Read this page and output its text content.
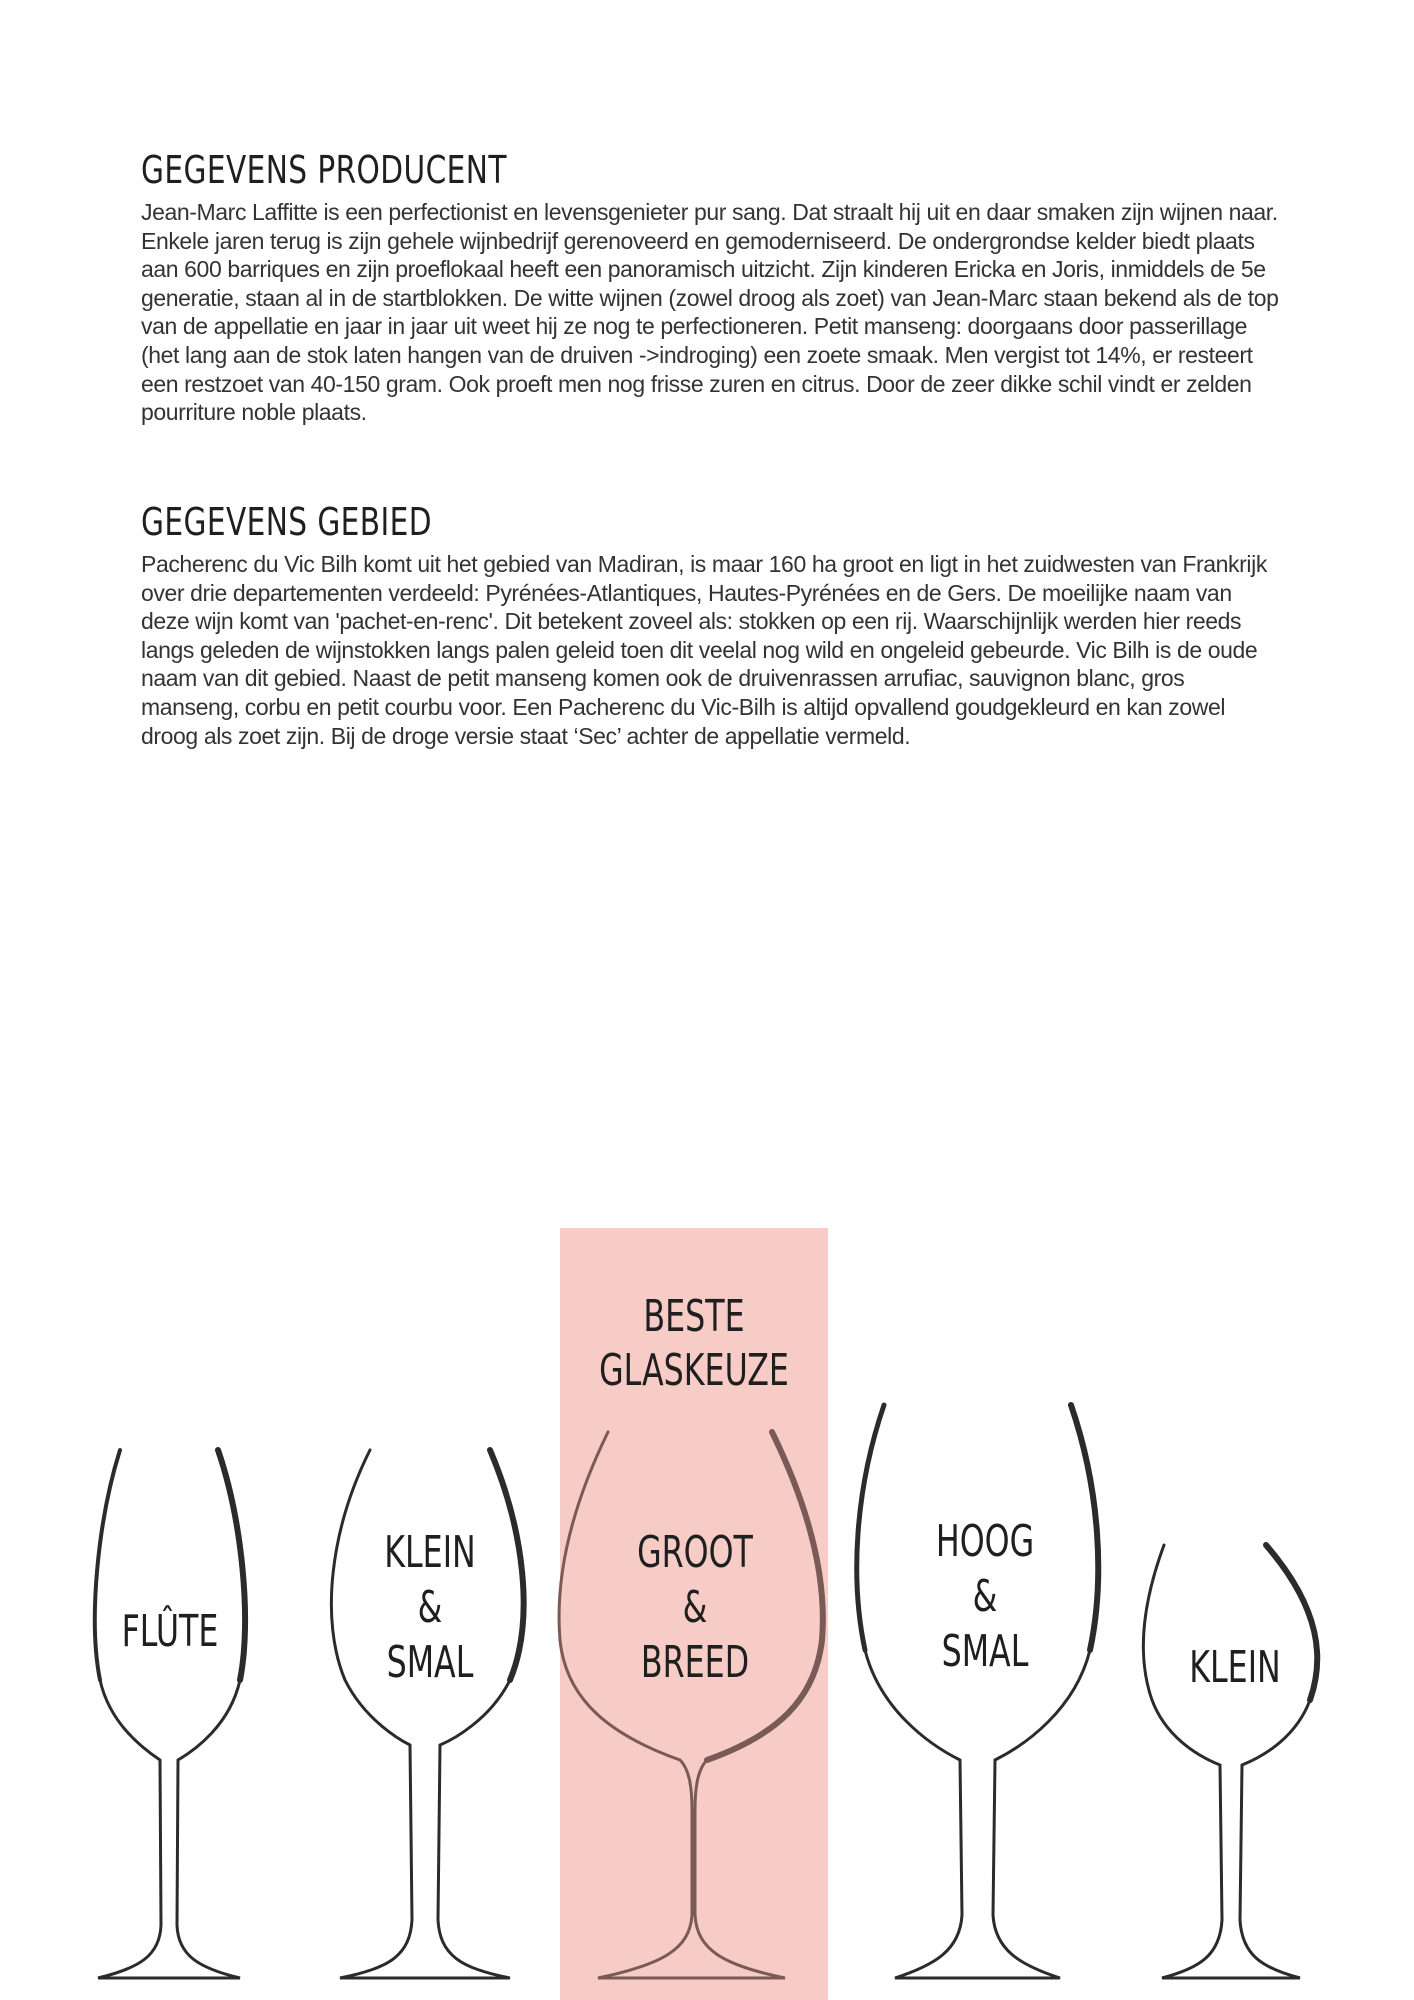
GEGEVENS PRODUCENT

Jean-Marc Laffitte is een perfectionist en levensgenieter pur sang. Dat straalt hij uit en daar smaken zijn wijnen naar. Enkele jaren terug is zijn gehele wijnbedrijf gerenoveerd en gemoderniseerd. De ondergrondse kelder biedt plaats aan 600 barriques en zijn proeflokaal heeft een panoramisch uitzicht. Zijn kinderen Ericka en Joris, inmiddels de 5e generatie, staan al in de startblokken. De witte wijnen (zowel droog als zoet) van Jean-Marc staan bekend als de top van de appellatie en jaar in jaar uit weet hij ze nog te perfectioneren. Petit manseng: doorgaans door passerillage (het lang aan de stok laten hangen van de druiven ->indroging) een zoete smaak. Men vergist tot 14%, er resteert een restzoet van 40-150 gram. Ook proeft men nog frisse zuren en citrus. Door de zeer dikke schil vindt er zelden pourriture noble plaats.

GEGEVENS GEBIED

Pacherenc du Vic Bilh komt uit het gebied van Madiran, is maar 160 ha groot en ligt in het zuidwesten van Frankrijk over drie departementen verdeeld: Pyrénées-Atlantiques, Hautes-Pyrénées en de Gers. De moeilijke naam van deze wijn komt van 'pachet-en-renc'. Dit betekent zoveel als: stokken op een rij. Waarschijnlijk werden hier reeds langs geleden de wijnstokken langs palen geleid toen dit veelal nog wild en ongeleid gebeurde. Vic Bilh is de oude naam van dit gebied. Naast de petit manseng komen ook de druivenrassen arrufiac, sauvignon blanc, gros manseng, corbu en petit courbu voor. Een Pacherenc du Vic-Bilh is altijd opvallend goudgekleurd en kan zowel droog als zoet zijn. Bij de droge versie staat ‘Sec’ achter de appellatie vermeld.

BESTE
GLASKEUZE
FLÛTE
KLEIN
&
SMAL
GROOT
&
BREED
HOOG
&
SMAL	KLEIN
